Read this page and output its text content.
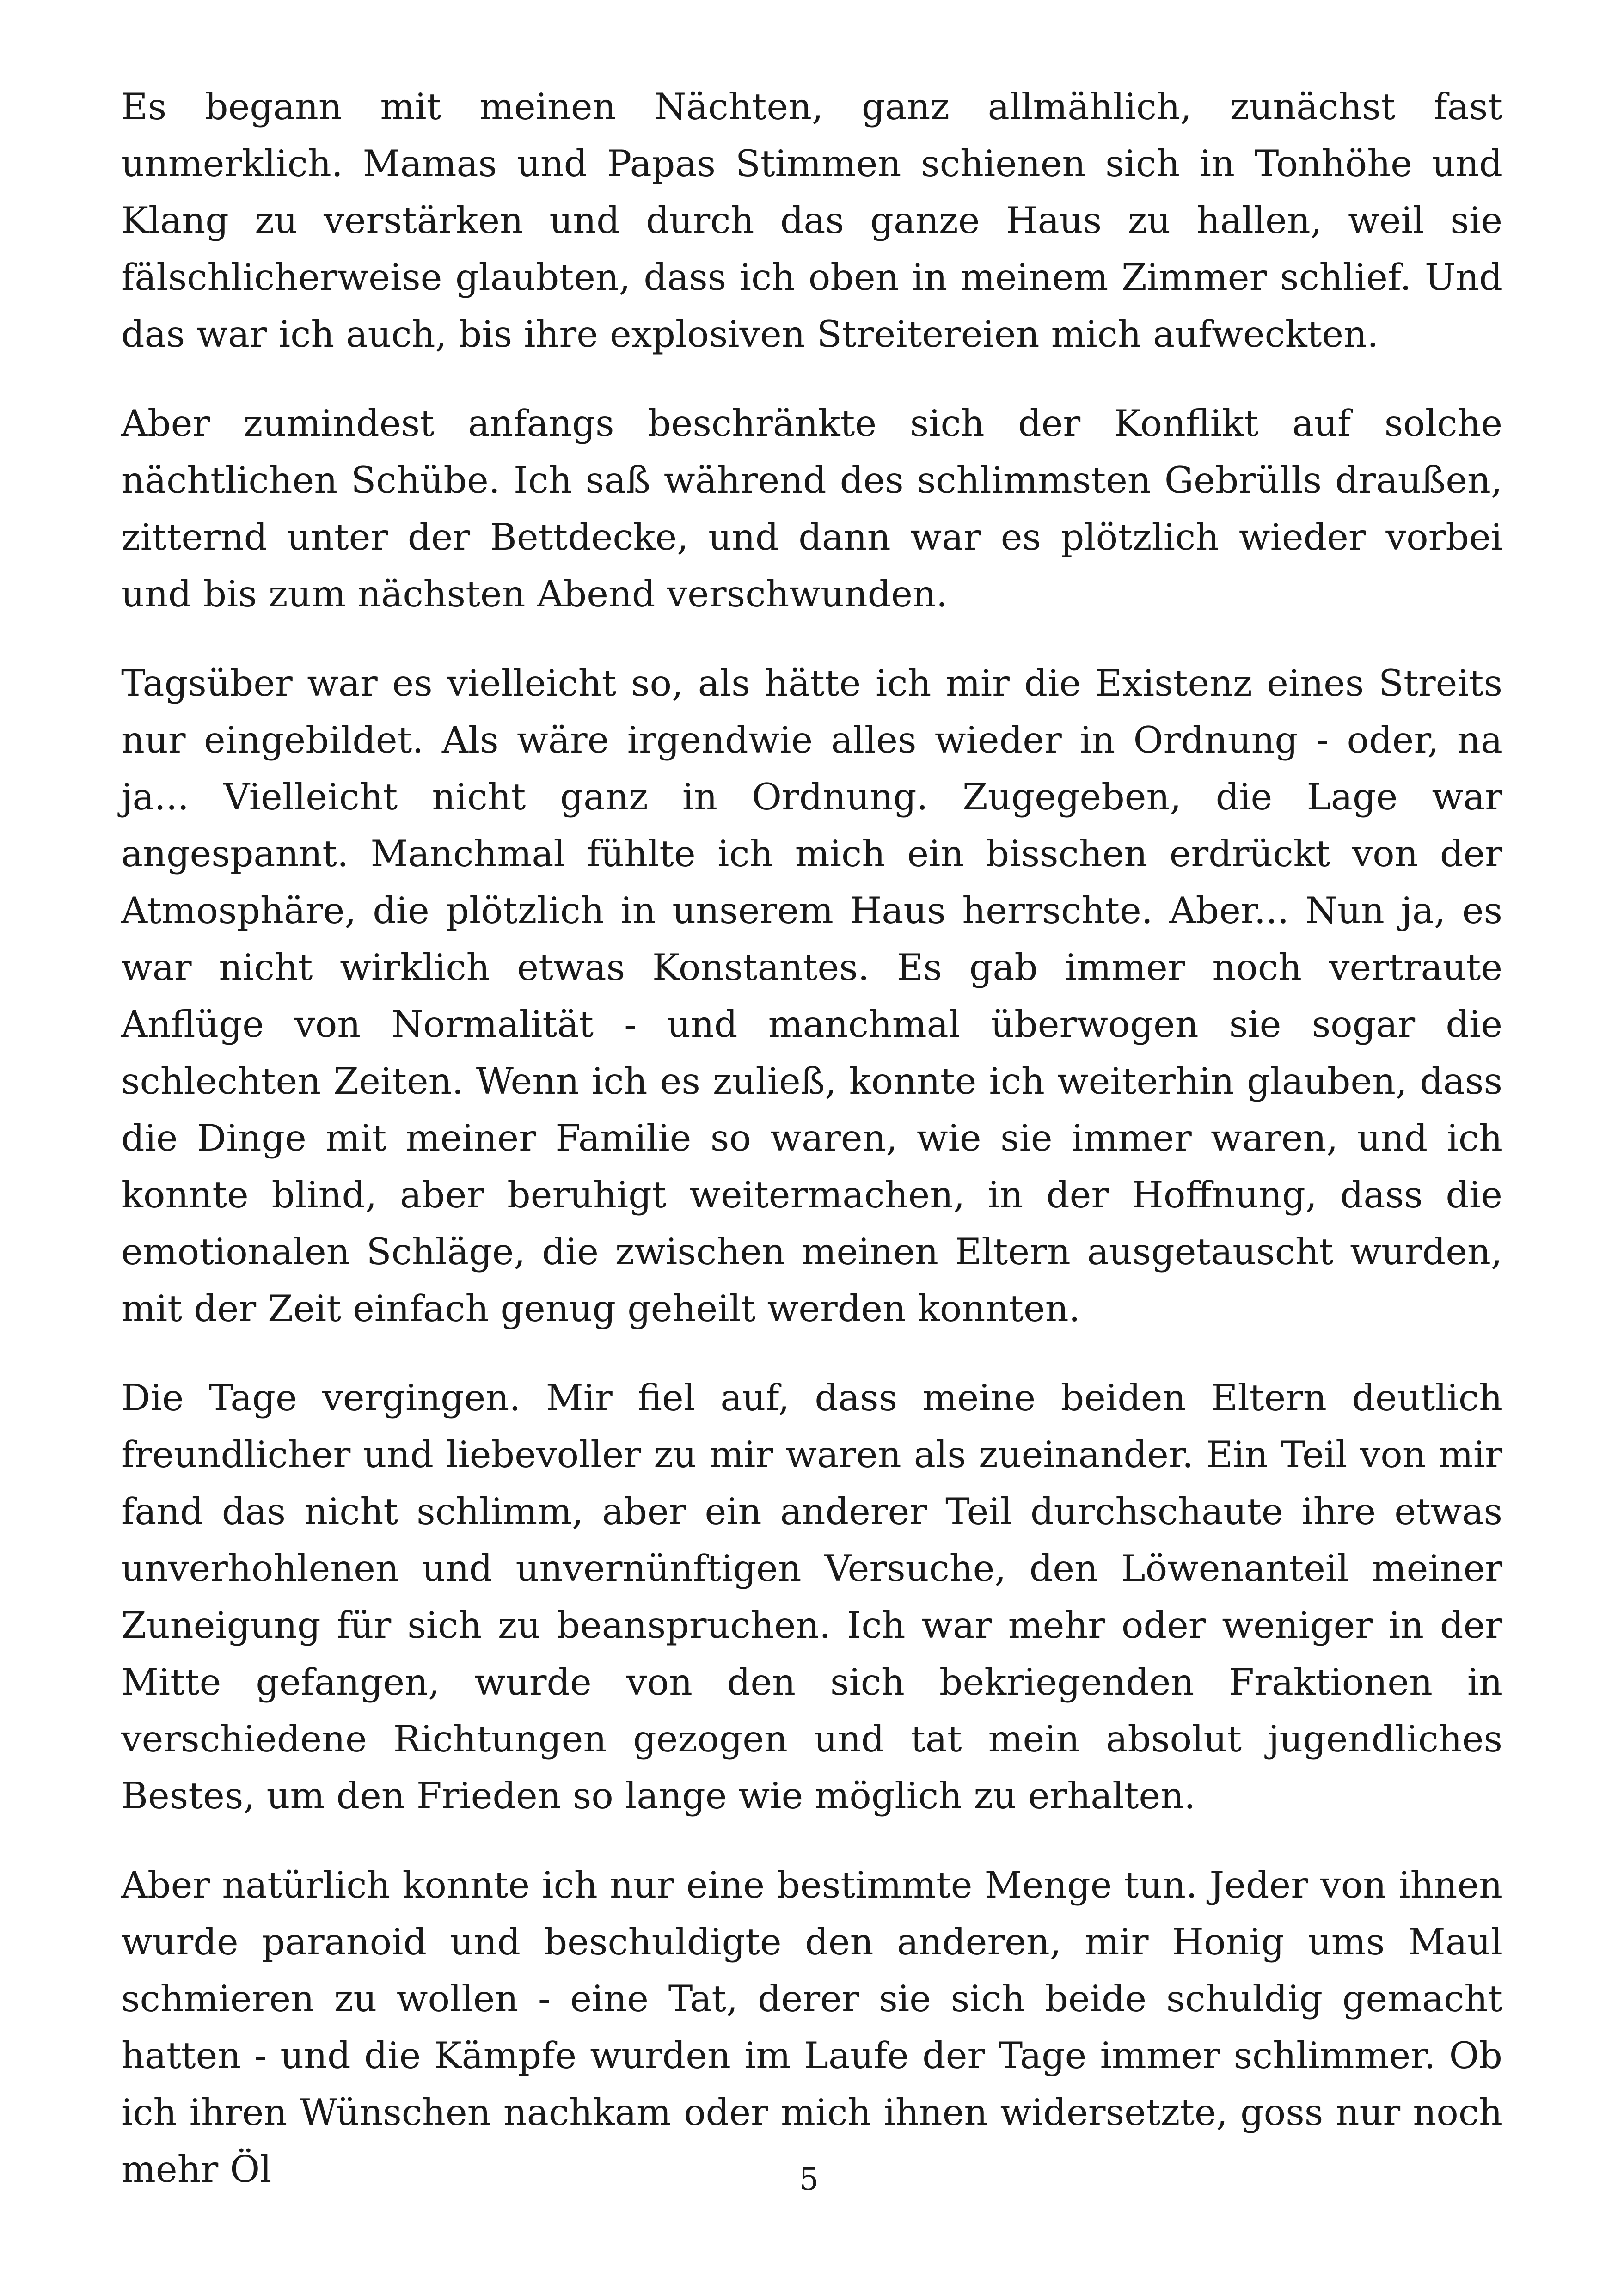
Es begann mit meinen Nächten, ganz allmählich, zunächst fast unmerklich. Mamas und Papas Stimmen schienen sich in Tonhöhe und Klang zu verstärken und durch das ganze Haus zu hallen, weil sie fälschlicherweise glaubten, dass ich oben in meinem Zimmer schlief. Und das war ich auch, bis ihre explosiven Streitereien mich aufweckten.

Aber zumindest anfangs beschränkte sich der Konflikt auf solche nächtlichen Schübe. Ich saß während des schlimmsten Gebrülls draußen, zitternd unter der Bettdecke, und dann war es plötzlich wieder vorbei und bis zum nächsten Abend verschwunden.

Tagsüber war es vielleicht so, als hätte ich mir die Existenz eines Streits nur eingebildet. Als wäre irgendwie alles wieder in Ordnung - oder, na ja... Vielleicht nicht ganz in Ordnung. Zugegeben, die Lage war angespannt. Manchmal fühlte ich mich ein bisschen erdrückt von der Atmosphäre, die plötzlich in unserem Haus herrschte. Aber... Nun ja, es war nicht wirklich etwas Konstantes. Es gab immer noch vertraute Anflüge von Normalität - und manchmal überwogen sie sogar die schlechten Zeiten. Wenn ich es zuließ, konnte ich weiterhin glauben, dass die Dinge mit meiner Familie so waren, wie sie immer waren, und ich konnte blind, aber beruhigt weitermachen, in der Hoffnung, dass die emotionalen Schläge, die zwischen meinen Eltern ausgetauscht wurden, mit der Zeit einfach genug geheilt werden konnten.

Die Tage vergingen. Mir fiel auf, dass meine beiden Eltern deutlich freundlicher und liebevoller zu mir waren als zueinander. Ein Teil von mir fand das nicht schlimm, aber ein anderer Teil durchschaute ihre etwas unverhohlenen und unvernünftigen Versuche, den Löwenanteil meiner Zuneigung für sich zu beanspruchen. Ich war mehr oder weniger in der Mitte gefangen, wurde von den sich bekriegenden Fraktionen in verschiedene Richtungen gezogen und tat mein absolut jugendliches Bestes, um den Frieden so lange wie möglich zu erhalten.

Aber natürlich konnte ich nur eine bestimmte Menge tun. Jeder von ihnen wurde paranoid und beschuldigte den anderen, mir Honig ums Maul schmieren zu wollen - eine Tat, derer sie sich beide schuldig gemacht hatten - und die Kämpfe wurden im Laufe der Tage immer schlimmer. Ob ich ihren Wünschen nachkam oder mich ihnen widersetzte, goss nur noch mehr Öl	5
